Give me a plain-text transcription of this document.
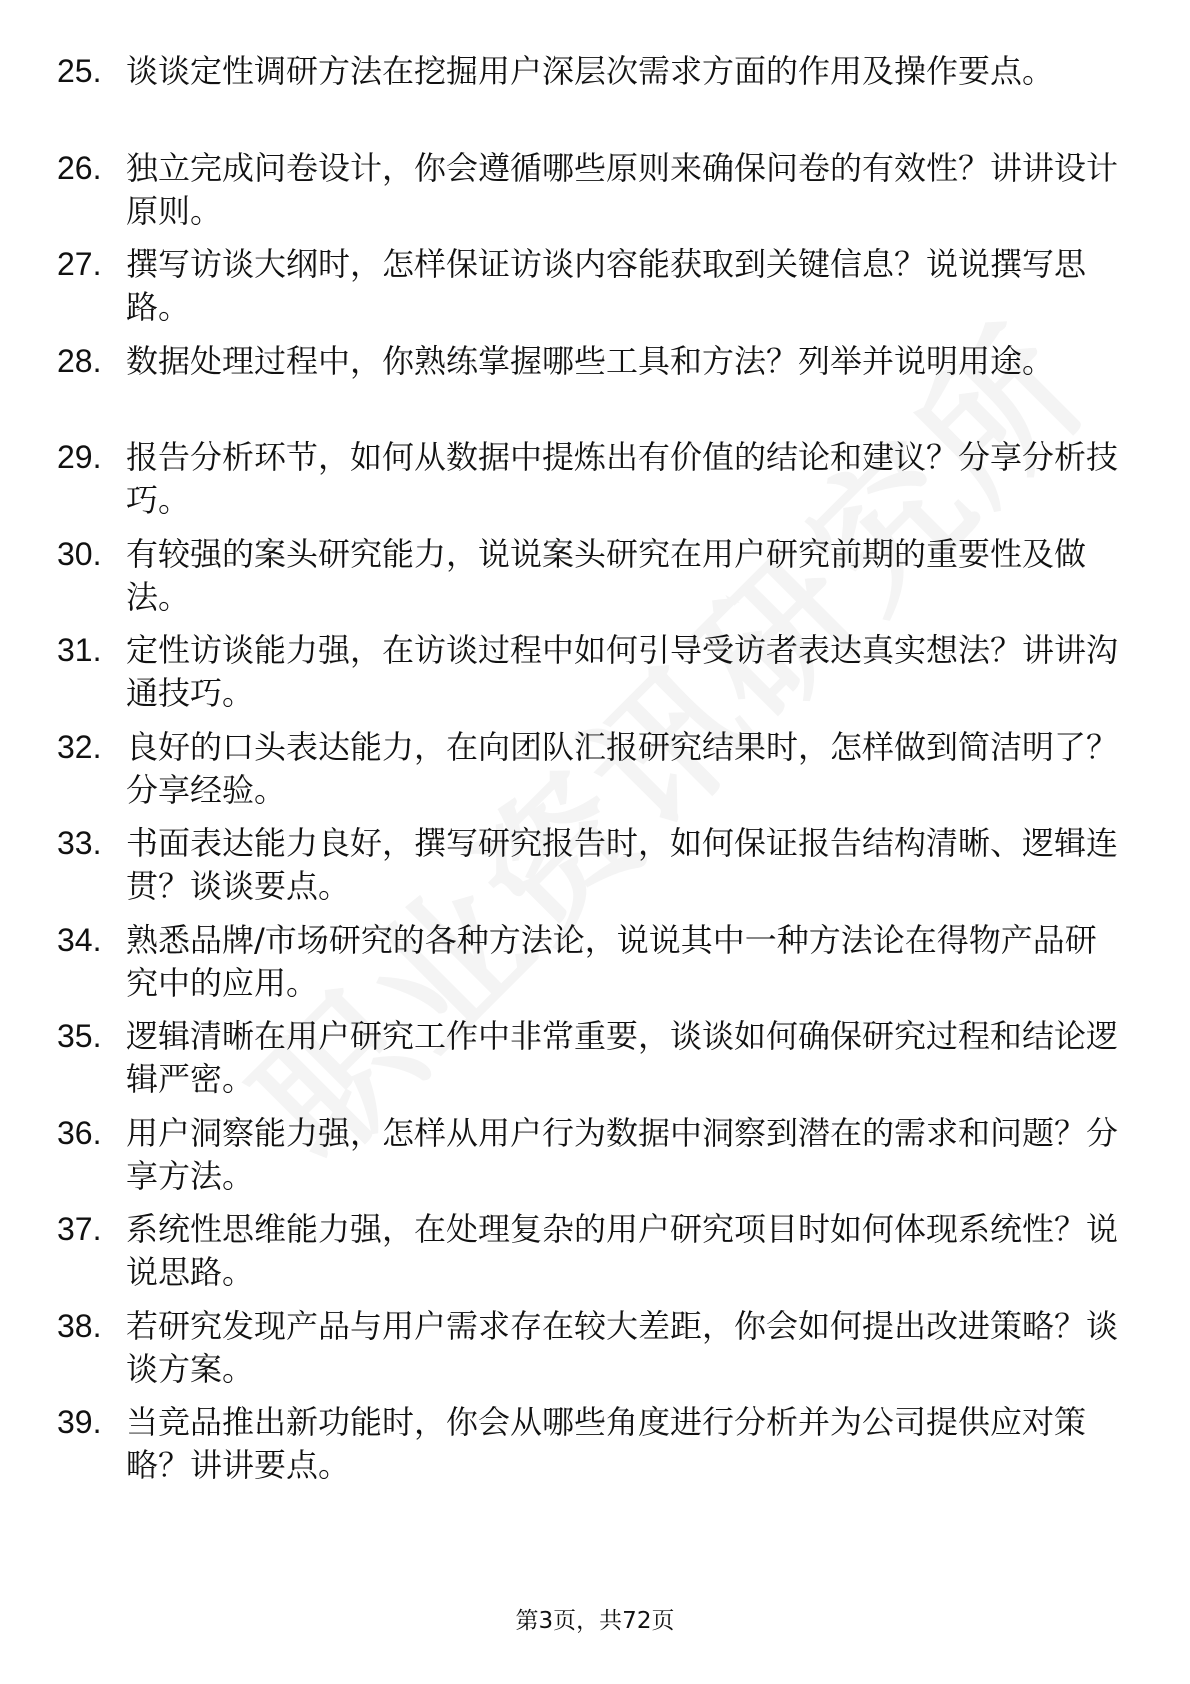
25. 谈谈定性调研方法在挖掘用户深层次需求方面的作用及操作要点。
26. 独立完成问卷设计，你会遵循哪些原则来确保问卷的有效性？讲讲设计原则。
27. 撰写访谈大纲时，怎样保证访谈内容能获取到关键信息？说说撰写思路。
28. 数据处理过程中，你熟练掌握哪些工具和方法？列举并说明用途。
29. 报告分析环节，如何从数据中提炼出有价值的结论和建议？分享分析技巧。
30. 有较强的案头研究能力，说说案头研究在用户研究前期的重要性及做法。
31. 定性访谈能力强，在访谈过程中如何引导受访者表达真实想法？讲讲沟通技巧。
32. 良好的口头表达能力，在向团队汇报研究结果时，怎样做到简洁明了？分享经验。
33. 书面表达能力良好，撰写研究报告时，如何保证报告结构清晰、逻辑连贯？谈谈要点。
34. 熟悉品牌/市场研究的各种方法论，说说其中一种方法论在得物产品研究中的应用。
35. 逻辑清晰在用户研究工作中非常重要，谈谈如何确保研究过程和结论逻辑严密。
36. 用户洞察能力强，怎样从用户行为数据中洞察到潜在的需求和问题？分享方法。
37. 系统性思维能力强，在处理复杂的用户研究项目时如何体现系统性？说说思路。
38. 若研究发现产品与用户需求存在较大差距，你会如何提出改进策略？谈谈方案。
39. 当竞品推出新功能时，你会从哪些角度进行分析并为公司提供应对策略？讲讲要点。
第3页，共72页
